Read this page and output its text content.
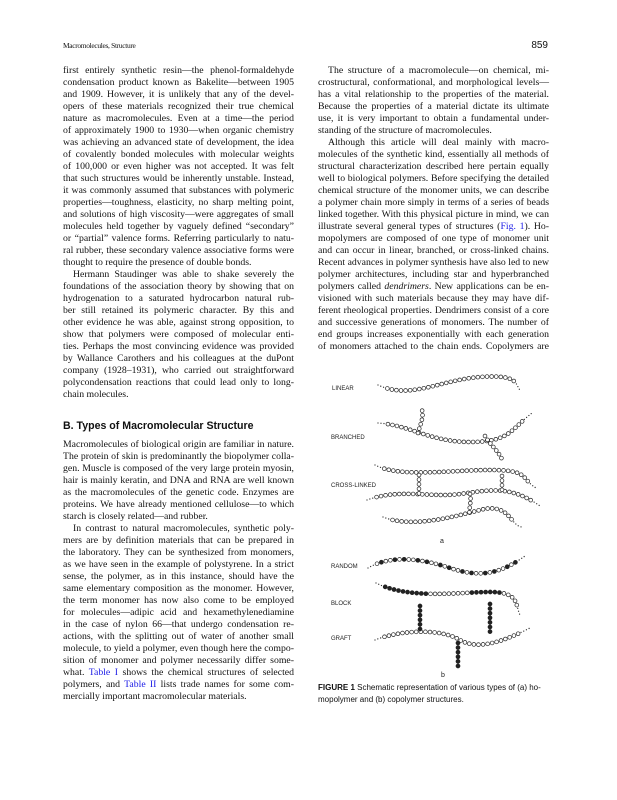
Macromolecules, Structure	859
first entirely synthetic resin—the phenol-formaldehyde
condensation product known as Bakelite—between 1905
and 1909. However, it is unlikely that any of the devel-
opers of these materials recognized their true chemical
nature as macromolecules. Even at a time—the period
of approximately 1900 to 1930—when organic chemistry
was achieving an advanced state of development, the idea
of covalently bonded molecules with molecular weights
of 100,000 or even higher was not accepted. It was felt
that such structures would be inherently unstable. Instead,
it was commonly assumed that substances with polymeric
properties—toughness, elasticity, no sharp melting point,
and solutions of high viscosity—were aggregates of small
molecules held together by vaguely defined “secondary”
or “partial” valence forms. Referring particularly to natu-
ral rubber, these secondary valence associative forms were
thought to require the presence of double bonds.
Hermann Staudinger was able to shake severely the
foundations of the association theory by showing that on
hydrogenation to a saturated hydrocarbon natural rub-
ber still retained its polymeric character. By this and
other evidence he was able, against strong opposition, to
show that polymers were composed of molecular enti-
ties. Perhaps the most convincing evidence was provided
by Wallance Carothers and his colleagues at the duPont
company (1928–1931), who carried out straightforward
polycondensation reactions that could lead only to long-
chain molecules.
B. Types of Macromolecular Structure
Macromolecules of biological origin are familiar in nature.
The protein of skin is predominantly the biopolymer colla-
gen. Muscle is composed of the very large protein myosin,
hair is mainly keratin, and DNA and RNA are well known
as the macromolecules of the genetic code. Enzymes are
proteins. We have already mentioned cellulose—to which
starch is closely related—and rubber.
In contrast to natural macromolecules, synthetic poly-
mers are by definition materials that can be prepared in
the laboratory. They can be synthesized from monomers,
as we have seen in the example of polystyrene. In a strict
sense, the polymer, as in this instance, should have the
same elementary composition as the monomer. However,
the term monomer has now also come to be employed
for molecules—adipic acid and hexamethylenediamine
in the case of nylon 66—that undergo condensation re-
actions, with the splitting out of water of another small
molecule, to yield a polymer, even though here the compo-
sition of monomer and polymer necessarily differ some-
what. Table I shows the chemical structures of selected
polymers, and Table II lists trade names for some com-
mercially important macromolecular materials.
The structure of a macromolecule—on chemical, mi-
crostructural, conformational, and morphological levels—
has a vital relationship to the properties of the material.
Because the properties of a material dictate its ultimate
use, it is very important to obtain a fundamental under-
standing of the structure of macromolecules.
Although this article will deal mainly with macro-
molecules of the synthetic kind, essentially all methods of
structural characterization described here pertain equally
well to biological polymers. Before specifying the detailed
chemical structure of the monomer units, we can describe
a polymer chain more simply in terms of a series of beads
linked together. With this physical picture in mind, we can
illustrate several general types of structures (Fig. 1). Ho-
mopolymers are composed of one type of monomer unit
and can occur in linear, branched, or cross-linked chains.
Recent advances in polymer synthesis have also led to new
polymer architectures, including star and hyperbranched
polymers called dendrimers. New applications can be en-
visioned with such materials because they may have dif-
ferent rheological properties. Dendrimers consist of a core
and successive generations of monomers. The number of
end groups increases exponentially with each generation
of monomers attached to the chain ends. Copolymers are
LINEAR
BRANCHED
CROSS-LINKED
a
RANDOM
BLOCK
GRAFT
b
FIGURE 1 Schematic representation of various types of (a) ho-
mopolymer and (b) copolymer structures.
